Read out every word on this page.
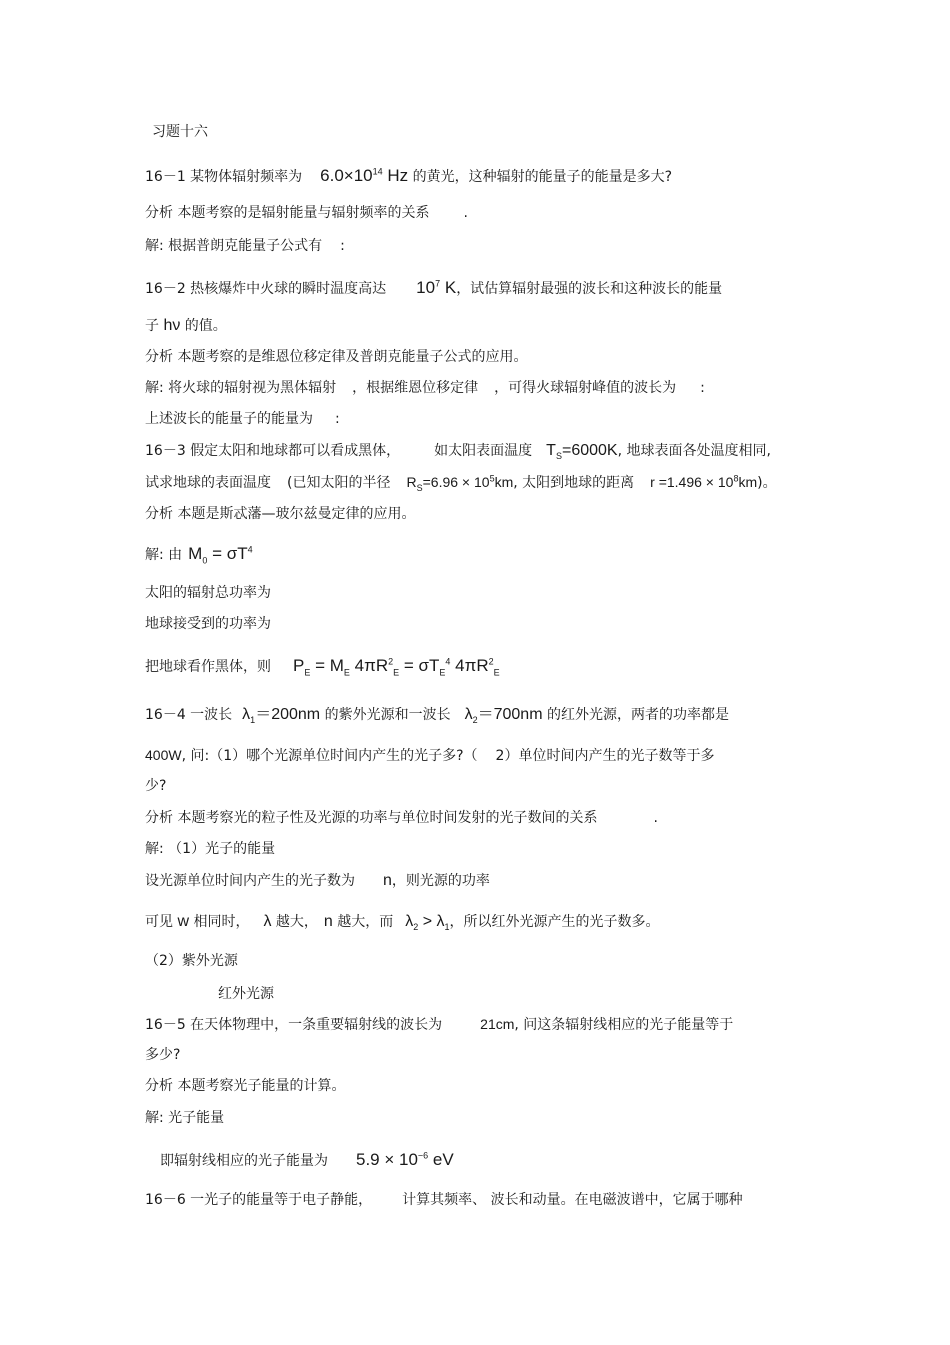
习题十六
16－1 某物体辐射频率为 $6.0\times 10^{14}$ Hz 的黄光，这种辐射的能量子的能量是多大?
分析 本题考察的是辐射能量与辐射频率的关系 .
解: 根据普朗克能量子公式有 :
16－2 热核爆炸中火球的瞬时温度高达 $10^7$ K，试估算辐射最强的波长和这种波长的能量
子 hν 的值。
分析 本题考察的是维恩位移定律及普朗克能量子公式的应用。
解: 将火球的辐射视为黑体辐射 ，根据维恩位移定律 ，可得火球辐射峰值的波长为 :
上述波长的能量子的能量为 :
16－3 假定太阳和地球都可以看成黑体， 如太阳表面温度 $T_S=6000K$, 地球表面各处温度相同,
试求地球的表面温度 (已知太阳的半径 $R_S=6.96 \times 10^5km$, 太阳到地球的距离 $r =1.496 \times 10^8km$)。
分析 本题是斯忒藩—玻尔兹曼定律的应用。
解: 由 $M_0 = \sigma T^4$
太阳的辐射总功率为
地球接受到的功率为
把地球看作黑体，则 $P_E = M_E$ $4\pi R^2_E = \sigma T_E^4$ $4\pi R^2_E$
16－4 一波长 $\lambda_1=200nm$ 的紫外光源和一波长 $\lambda_2=700nm$ 的红外光源，两者的功率都是
400W, 问:（1）哪个光源单位时间内产生的光子多?（ 2）单位时间内产生的光子数等于多
少?
分析 本题考察光的粒子性及光源的功率与单位时间发射的光子数间的关系	.
解: （1）光子的能量
设光源单位时间内产生的光子数为 n，则光源的功率
可见 w 相同时， λ 越大， n 越大，而 $\lambda_2 > \lambda_1$，所以红外光源产生的光子数多。
（2）紫外光源
红外光源
16－5 在天体物理中，一条重要辐射线的波长为	21cm, 问这条辐射线相应的光子能量等于
多少?
分析 本题考察光子能量的计算。
解: 光子能量
即辐射线相应的光子能量为 $5.9 \times 10^{-6}$ eV
16－6 一光子的能量等于电子静能， 计算其频率、 波长和动量。在电磁波谱中，它属于哪种
